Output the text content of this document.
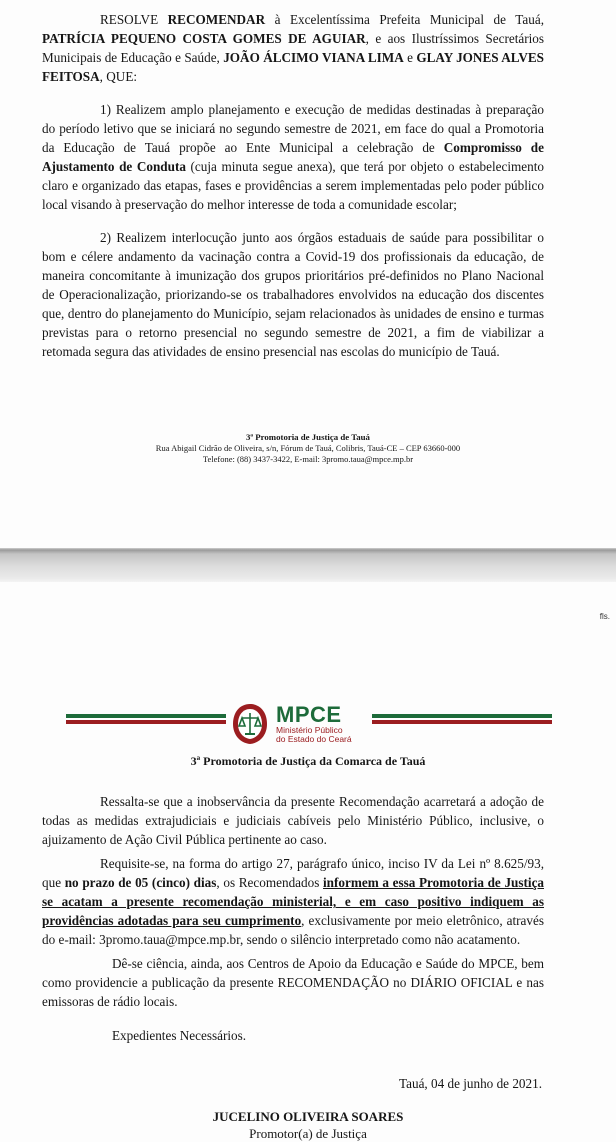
RESOLVE RECOMENDAR à Excelentíssima Prefeita Municipal de Tauá, PATRÍCIA PEQUENO COSTA GOMES DE AGUIAR, e aos Ilustríssimos Secretários Municipais de Educação e Saúde, JOÃO ÁLCIMO VIANA LIMA e GLAY JONES ALVES FEITOSA, QUE:

1) Realizem amplo planejamento e execução de medidas destinadas à preparação do período letivo que se iniciará no segundo semestre de 2021, em face do qual a Promotoria da Educação de Tauá propõe ao Ente Municipal a celebração de Compromisso de Ajustamento de Conduta (cuja minuta segue anexa), que terá por objeto o estabelecimento claro e organizado das etapas, fases e providências a serem implementadas pelo poder público local visando à preservação do melhor interesse de toda a comunidade escolar;

2) Realizem interlocução junto aos órgãos estaduais de saúde para possibilitar o bom e célere andamento da vacinação contra a Covid-19 dos profissionais da educação, de maneira concomitante à imunização dos grupos prioritários pré-definidos no Plano Nacional de Operacionalização, priorizando-se os trabalhadores envolvidos na educação dos discentes que, dentro do planejamento do Município, sejam relacionados às unidades de ensino e turmas previstas para o retorno presencial no segundo semestre de 2021, a fim de viabilizar a retomada segura das atividades de ensino presencial nas escolas do município de Tauá.

3ª Promotoria de Justiça de Tauá
Rua Abigail Cidrão de Oliveira, s/n, Fórum de Tauá, Colibris, Tauá-CE – CEP 63660-000
Telefone: (88) 3437-3422, E-mail: 3promo.taua@mpce.mp.br
fls.
MPCE
Ministério Público
do Estado do Ceará
3ª Promotoria de Justiça da Comarca de Tauá

Ressalta-se que a inobservância da presente Recomendação acarretará a adoção de todas as medidas extrajudiciais e judiciais cabíveis pelo Ministério Público, inclusive, o ajuizamento de Ação Civil Pública pertinente ao caso.

Requisite-se, na forma do artigo 27, parágrafo único, inciso IV da Lei nº 8.625/93, que no prazo de 05 (cinco) dias, os Recomendados informem a essa Promotoria de Justiça se acatam a presente recomendação ministerial, e em caso positivo indiquem as providências adotadas para seu cumprimento, exclusivamente por meio eletrônico, através do e-mail: 3promo.taua@mpce.mp.br, sendo o silêncio interpretado como não acatamento.

Dê-se ciência, ainda, aos Centros de Apoio da Educação e Saúde do MPCE, bem como providencie a publicação da presente RECOMENDAÇÃO no DIÁRIO OFICIAL e nas emissoras de rádio locais.

Expedientes Necessários.

Tauá, 04 de junho de 2021.
JUCELINO OLIVEIRA SOARES
Promotor(a) de Justiça
